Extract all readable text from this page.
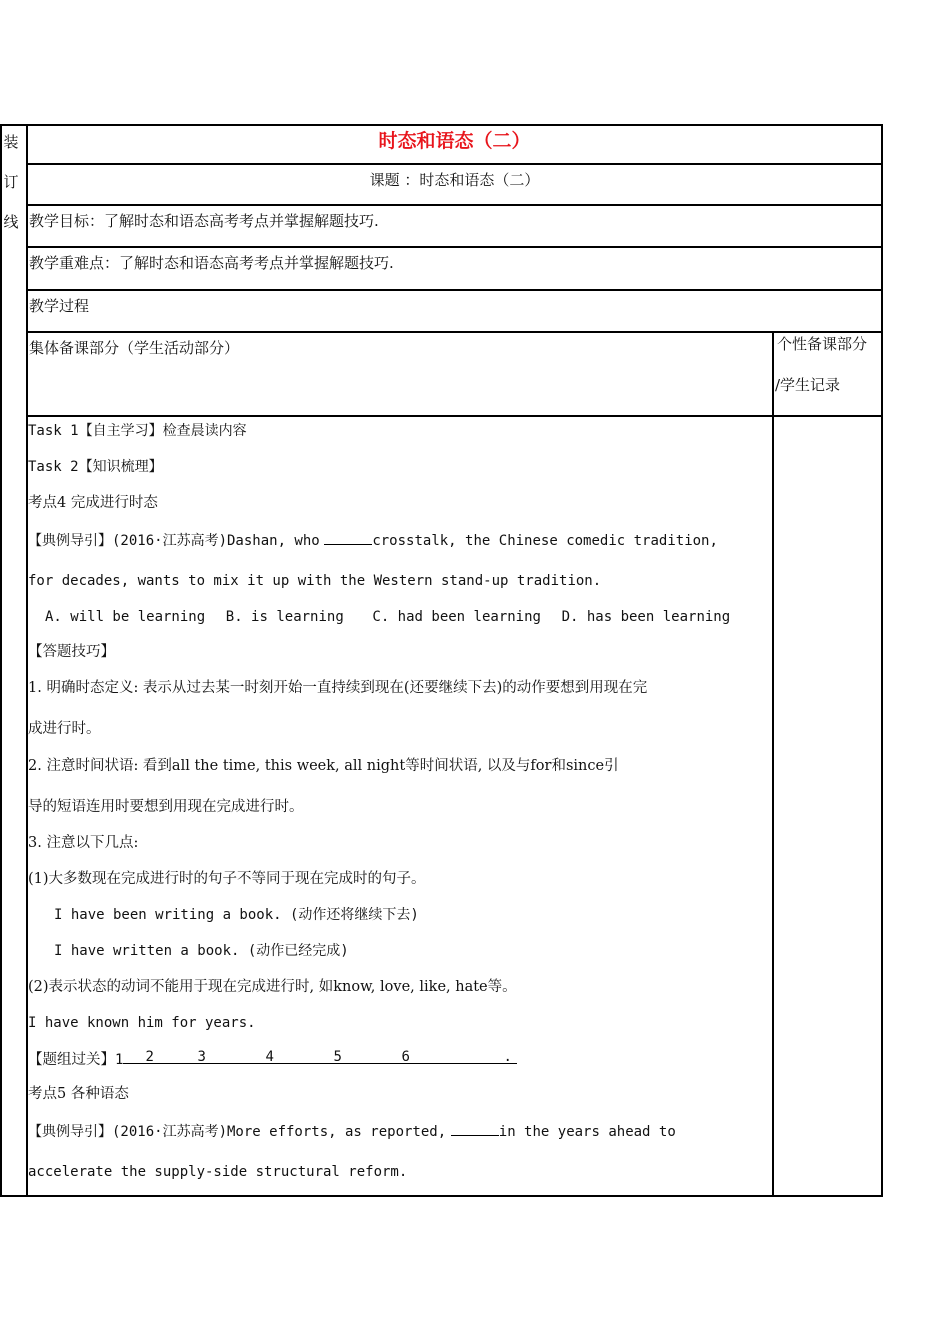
装
订
线
时态和语态（二）
课题 ：时态和语态（二）
教学目标：了解时态和语态高考考点并掌握解题技巧.
教学重难点：了解时态和语态高考考点并掌握解题技巧.
教学过程
集体备课部分（学生活动部分）	个性备课部分
/学生记录
Task 1【自主学习】检查晨读内容
Task 2【知识梳理】
考点4 完成进行时态
【典例导引】(2016·江苏高考)Dashan, who	crosstalk, the Chinese comedic tradition,
for decades, wants to mix it up with the Western stand-up tradition.
A. will be learning B. is learning C. had been learning D. has been learning
【答题技巧】
1. 明确时态定义: 表示从过去某一时刻开始一直持续到现在(还要继续下去)的动作要想到用现在完
成进行时。
2. 注意时间状语: 看到all the time, this week, all night等时间状语, 以及与for和since引
导的短语连用时要想到用现在完成进行时。
3. 注意以下几点:
(1)大多数现在完成进行时的句子不等同于现在完成时的句子。
I have been writing a book. (动作还将继续下去)
I have written a book. (动作已经完成)
(2)表示状态的动词不能用于现在完成进行时, 如know, love, like, hate等。
I have known him for years.
【题组过关】1 2	3	4	5	6	.
考点5 各种语态
【典例导引】(2016·江苏高考)More efforts, as reported,	in the years ahead to
accelerate the supply-side structural reform.
